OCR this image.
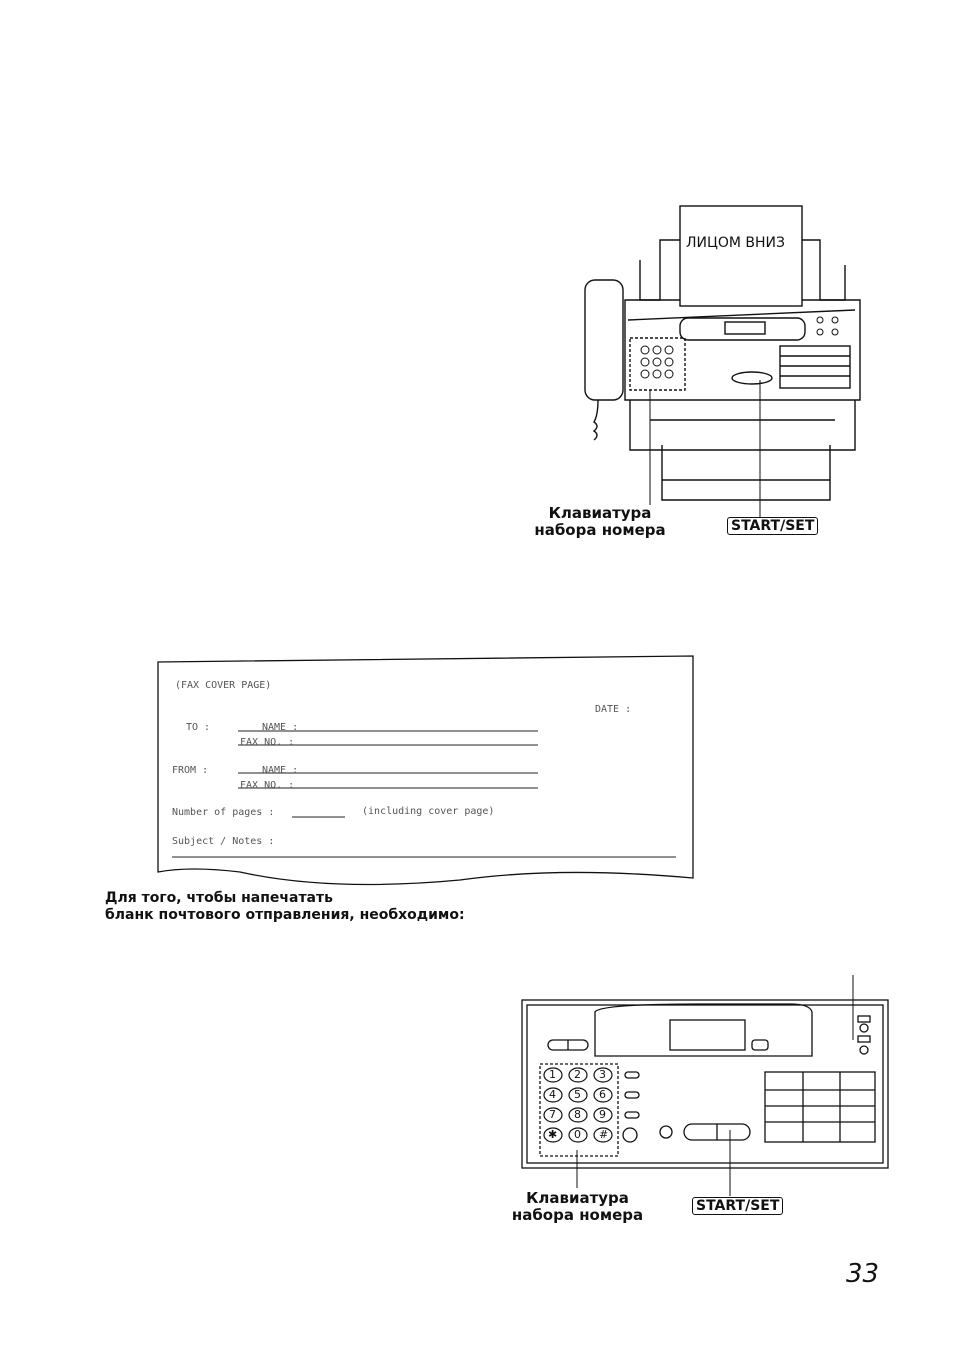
ЛИЦОМ ВНИЗ
Клавиатура
набора номера	START/SET
(FAX COVER PAGE)
DATE :
TO :	NAME :
FAX NO. :
FROM :	NAME :
FAX NO. :
Number of pages :	(including cover page)
Subject / Notes :
Для того, чтобы напечатать
бланк почтового отправления, необходимо:
1 2 3
4 5 6
7 8 9
✱ 0 #
Клавиатура
набора номера	START/SET
33
